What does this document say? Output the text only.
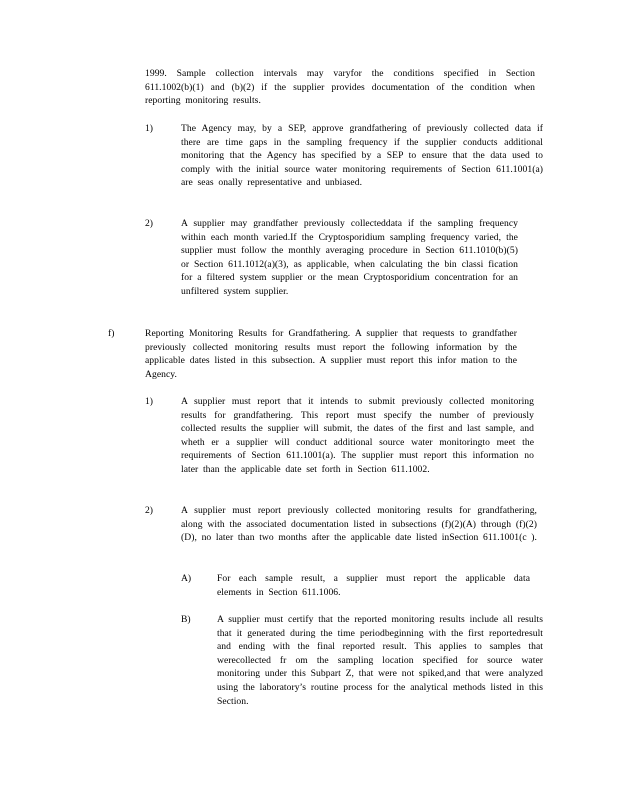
1999. Sample collection intervals may varyfor the conditions specified in Section 611.1002(b)(1) and (b)(2) if the supplier provides documentation of the condition when reporting monitoring results.

1)	The Agency may, by a SEP, approve grandfathering of previously collected data if there are time gaps in the sampling frequency if the supplier conducts additional monitoring that the Agency has specified by a SEP to ensure that the data used to comply with the initial source water monitoring requirements of Section 611.1001(a) are seas onally representative and unbiased.

2)	A supplier may grandfather previously collecteddata if the sampling frequency within each month varied.If the Cryptosporidium sampling frequency varied, the supplier must follow the monthly averaging procedure in Section 611.1010(b)(5) or Section 611.1012(a)(3), as applicable, when calculating the bin classi fication for a filtered system supplier or the mean Cryptosporidium concentration for an unfiltered system supplier.

f)	Reporting Monitoring Results for Grandfathering. A supplier that requests to grandfather previously collected monitoring results must report the following information by the applicable dates listed in this subsection. A supplier must report this infor mation to the Agency.

1)	A supplier must report that it intends to submit previously collected monitoring results for grandfathering. This report must specify the number of previously collected results the supplier will submit, the dates of the first and last sample, and wheth er a supplier will conduct additional source water monitoringto meet the requirements of Section 611.1001(a). The supplier must report this information no later than the applicable date set forth in Section 611.1002.

2)	A supplier must report previously collected monitoring results for grandfathering, along with the associated documentation listed in subsections (f)(2)(A) through (f)(2)(D), no later than two months after the applicable date listed inSection 611.1001(c ).

A)	For each sample result, a supplier must report the applicable data elements in Section 611.1006.

B)	A supplier must certify that the reported monitoring results include all results that it generated during the time periodbeginning with the first reportedresult and ending with the final reported result. This applies to samples that werecollected fr om the sampling location specified for source water monitoring under this Subpart Z, that were not spiked,and that were analyzed using the laboratory’s routine process for the analytical methods listed in this Section.
